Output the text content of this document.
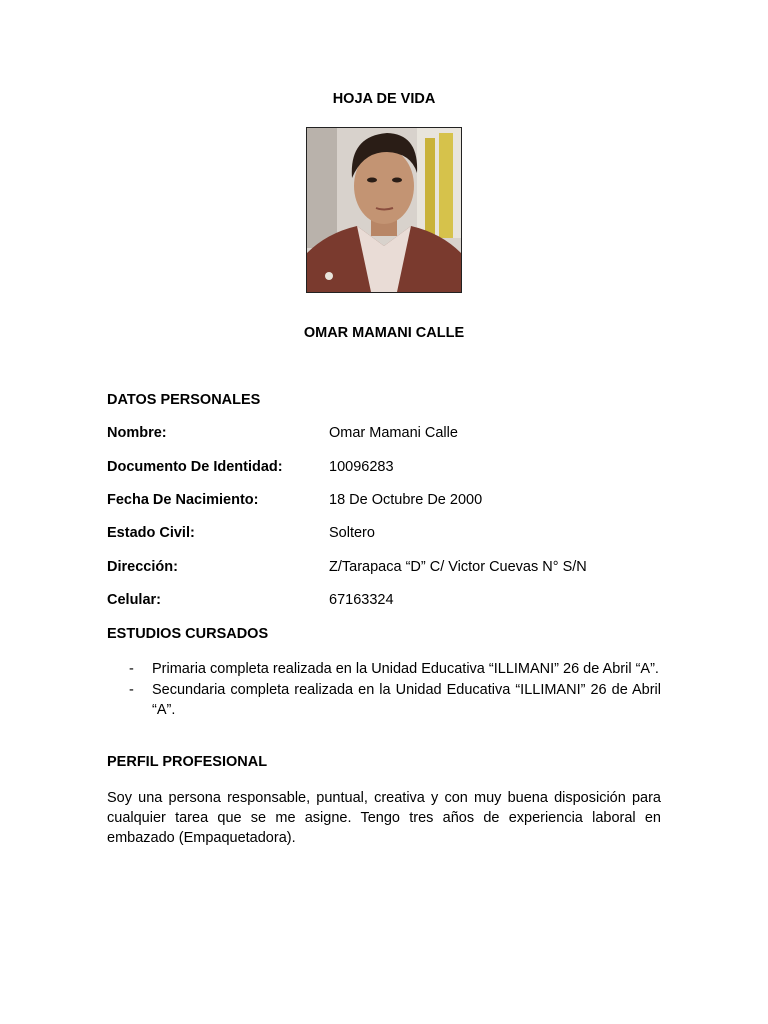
HOJA DE VIDA
OMAR MAMANI CALLE
DATOS PERSONALES
Nombre:	Omar Mamani Calle
Documento De Identidad:	10096283
Fecha De Nacimiento:	18 De Octubre De 2000
Estado Civil:	Soltero
Dirección:	Z/Tarapaca “D” C/ Victor Cuevas N° S/N
Celular:	67163324
ESTUDIOS CURSADOS
- Primaria completa realizada en la Unidad Educativa “ILLIMANI” 26 de Abril “A”.
- Secundaria completa realizada en la Unidad Educativa “ILLIMANI” 26 de Abril “A”.
PERFIL PROFESIONAL
Soy una persona responsable, puntual, creativa y con muy buena disposición para cualquier tarea que se me asigne. Tengo tres años de experiencia laboral en embazado (Empaquetadora).
